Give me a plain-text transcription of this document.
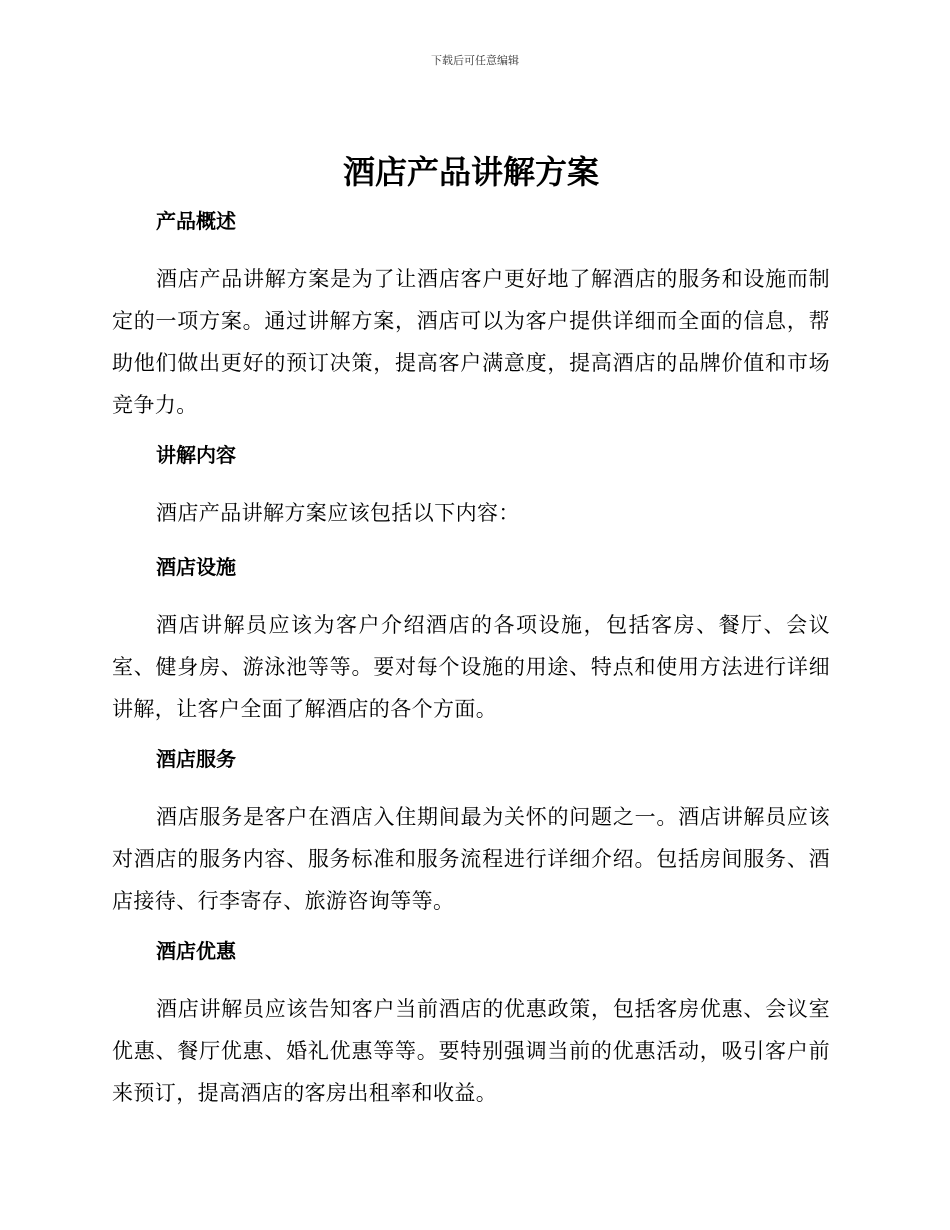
下载后可任意编辑
酒店产品讲解方案
产品概述

酒店产品讲解方案是为了让酒店客户更好地了解酒店的服务和设施而制定的一项方案。通过讲解方案，酒店可以为客户提供详细而全面的信息，帮助他们做出更好的预订决策，提高客户满意度，提高酒店的品牌价值和市场竞争力。

讲解内容

酒店产品讲解方案应该包括以下内容：

酒店设施

酒店讲解员应该为客户介绍酒店的各项设施，包括客房、餐厅、会议室、健身房、游泳池等等。要对每个设施的用途、特点和使用方法进行详细讲解，让客户全面了解酒店的各个方面。

酒店服务

酒店服务是客户在酒店入住期间最为关怀的问题之一。酒店讲解员应该对酒店的服务内容、服务标准和服务流程进行详细介绍。包括房间服务、酒店接待、行李寄存、旅游咨询等等。

酒店优惠

酒店讲解员应该告知客户当前酒店的优惠政策，包括客房优惠、会议室优惠、餐厅优惠、婚礼优惠等等。要特别强调当前的优惠活动，吸引客户前来预订，提高酒店的客房出租率和收益。
